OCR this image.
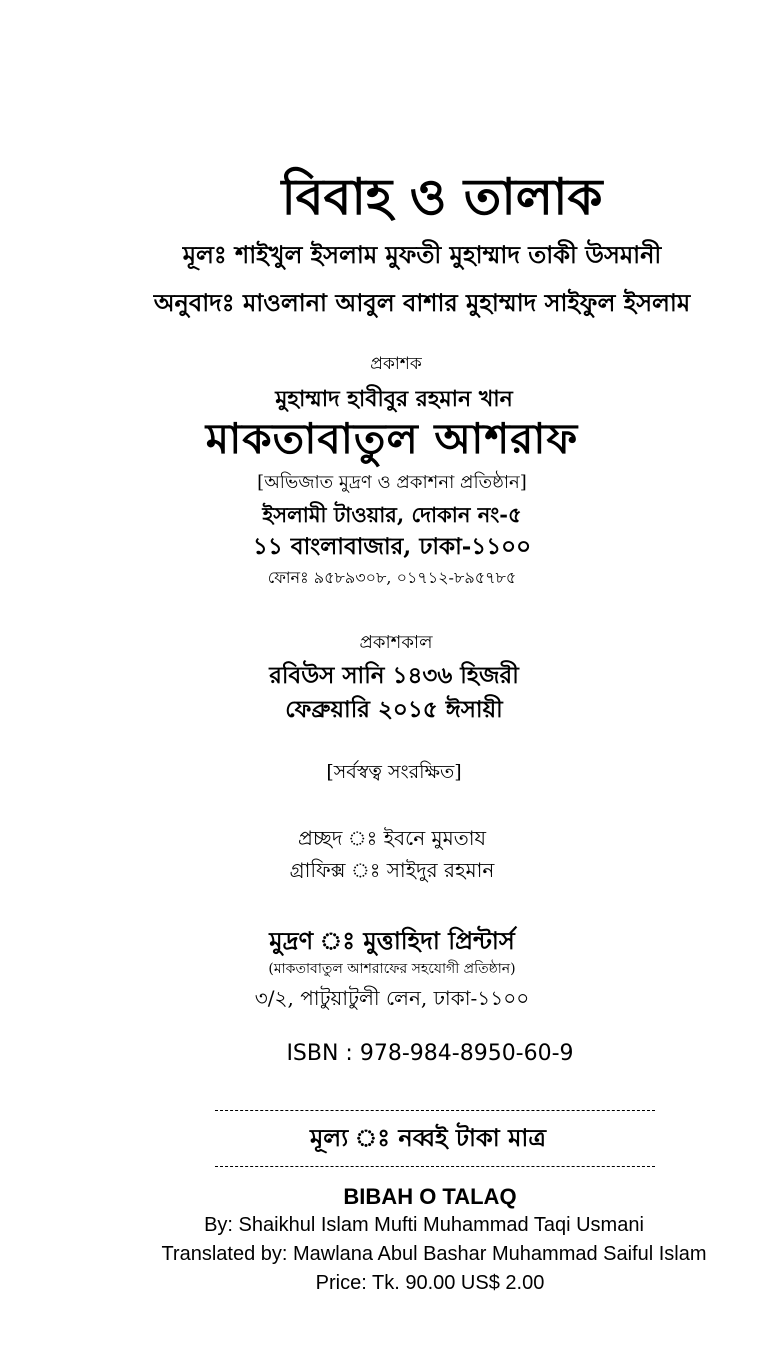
বিবাহ ও তালাক
মূলঃ শাইখুল ইসলাম মুফতী মুহাম্মাদ তাকী উসমানী
অনুবাদঃ মাওলানা আবুল বাশার মুহাম্মাদ সাইফুল ইসলাম
প্রকাশক
মুহাম্মাদ হাবীবুর রহমান খান
মাকতাবাতুল আশরাফ
[অভিজাত মুদ্রণ ও প্রকাশনা প্রতিষ্ঠান]
ইসলামী টাওয়ার, দোকান নং-৫
১১ বাংলাবাজার, ঢাকা-১১০০
ফোনঃ ৯৫৮৯৩০৮, ০১৭১২-৮৯৫৭৮৫
প্রকাশকাল
রবিউস সানি ১৪৩৬ হিজরী
ফেব্রুয়ারি ২০১৫ ঈসায়ী
[সর্বস্বত্ব সংরক্ষিত]
প্রচ্ছদ ঃ ইবনে মুমতায
গ্রাফিক্স ঃ সাইদুর রহমান
মুদ্রণ ঃ মুত্তাহিদা প্রিন্টার্স
(মাকতাবাতুল আশরাফের সহযোগী প্রতিষ্ঠান)
৩/২, পাটুয়াটুলী লেন, ঢাকা-১১০০
ISBN : 978-984-8950-60-9
মূল্য ঃ নব্বই টাকা মাত্র
BIBAH O TALAQ
By: Shaikhul Islam Mufti Muhammad Taqi Usmani
Translated by: Mawlana Abul Bashar Muhammad Saiful Islam
Price: Tk. 90.00 US$ 2.00
